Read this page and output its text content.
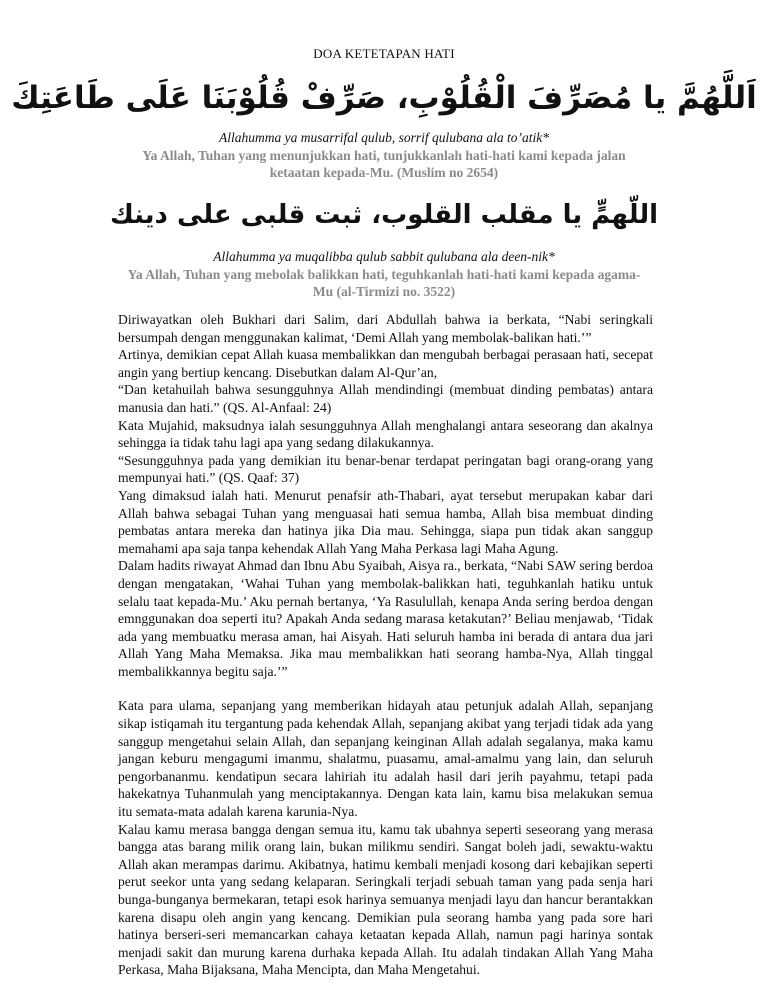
DOA KETETAPAN HATI
اَللَّهُمَّ يا مُصَرِّفَ الْقُلُوْبِ، صَرِّفْ قُلُوْبَنَا عَلَى طَاعَتِكَ
Allahumma ya musarrifal qulub, sorrif qulubana ala to’atik*
Ya Allah, Tuhan yang menunjukkan hati, tunjukkanlah hati-hati kami kepada jalan ketaatan kepada-Mu. (Muslim no 2654)
اللّهمٍّ يا مقلب القلوب، ثبت قلبى على دينك
Allahumma ya muqalibba qulub sabbit qulubana ala deen-nik*
Ya Allah, Tuhan yang mebolak balikkan hati, teguhkanlah hati-hati kami kepada agama-Mu (al-Tirmizi no. 3522)

Diriwayatkan oleh Bukhari dari Salim, dari Abdullah bahwa ia berkata, “Nabi seringkali bersumpah dengan menggunakan kalimat, ‘Demi Allah yang membolak-balikan hati.’”

Artinya, demikian cepat Allah kuasa membalikkan dan mengubah berbagai perasaan hati, secepat angin yang bertiup kencang. Disebutkan dalam Al-Qur’an,

“Dan ketahuilah bahwa sesungguhnya Allah mendindingi (membuat dinding pembatas) antara manusia dan hati.” (QS. Al-Anfaal: 24)

Kata Mujahid, maksudnya ialah sesungguhnya Allah menghalangi antara seseorang dan akalnya sehingga ia tidak tahu lagi apa yang sedang dilakukannya.

“Sesungguhnya pada yang demikian itu benar-benar terdapat peringatan bagi orang-orang yang mempunyai hati.” (QS. Qaaf: 37)

Yang dimaksud ialah hati. Menurut penafsir ath-Thabari, ayat tersebut merupakan kabar dari Allah bahwa sebagai Tuhan yang menguasai hati semua hamba, Allah bisa membuat dinding pembatas antara mereka dan hatinya jika Dia mau. Sehingga, siapa pun tidak akan sanggup memahami apa saja tanpa kehendak Allah Yang Maha Perkasa lagi Maha Agung.

Dalam hadits riwayat Ahmad dan Ibnu Abu Syaibah, Aisya ra., berkata, “Nabi SAW sering berdoa dengan mengatakan, ‘Wahai Tuhan yang membolak-balikkan hati, teguhkanlah hatiku untuk selalu taat kepada-Mu.’ Aku pernah bertanya, ‘Ya Rasulullah, kenapa Anda sering berdoa dengan emnggunakan doa seperti itu? Apakah Anda sedang marasa ketakutan?’ Beliau menjawab, ‘Tidak ada yang membuatku merasa aman, hai Aisyah. Hati seluruh hamba ini berada di antara dua jari Allah Yang Maha Memaksa. Jika mau membalikkan hati seorang hamba-Nya, Allah tinggal membalikkannya begitu saja.’”

Kata para ulama, sepanjang yang memberikan hidayah atau petunjuk adalah Allah, sepanjang sikap istiqamah itu tergantung pada kehendak Allah, sepanjang akibat yang terjadi tidak ada yang sanggup mengetahui selain Allah, dan sepanjang keinginan Allah adalah segalanya, maka kamu jangan keburu mengagumi imanmu, shalatmu, puasamu, amal-amalmu yang lain, dan seluruh pengorbananmu. kendatipun secara lahiriah itu adalah hasil dari jerih payahmu, tetapi pada hakekatnya Tuhanmulah yang menciptakannya. Dengan kata lain, kamu bisa melakukan semua itu semata-mata adalah karena karunia-Nya.

Kalau kamu merasa bangga dengan semua itu, kamu tak ubahnya seperti seseorang yang merasa bangga atas barang milik orang lain, bukan milikmu sendiri. Sangat boleh jadi, sewaktu-waktu Allah akan merampas darimu. Akibatnya, hatimu kembali menjadi kosong dari kebajikan seperti perut seekor unta yang sedang kelaparan. Seringkali terjadi sebuah taman yang pada senja hari bunga-bunganya bermekaran, tetapi esok harinya semuanya menjadi layu dan hancur berantakkan karena disapu oleh angin yang kencang. Demikian pula seorang hamba yang pada sore hari hatinya berseri-seri memancarkan cahaya ketaatan kepada Allah, namun pagi harinya sontak menjadi sakit dan murung karena durhaka kepada Allah. Itu adalah tindakan Allah Yang Maha Perkasa, Maha Bijaksana, Maha Mencipta, dan Maha Mengetahui.
